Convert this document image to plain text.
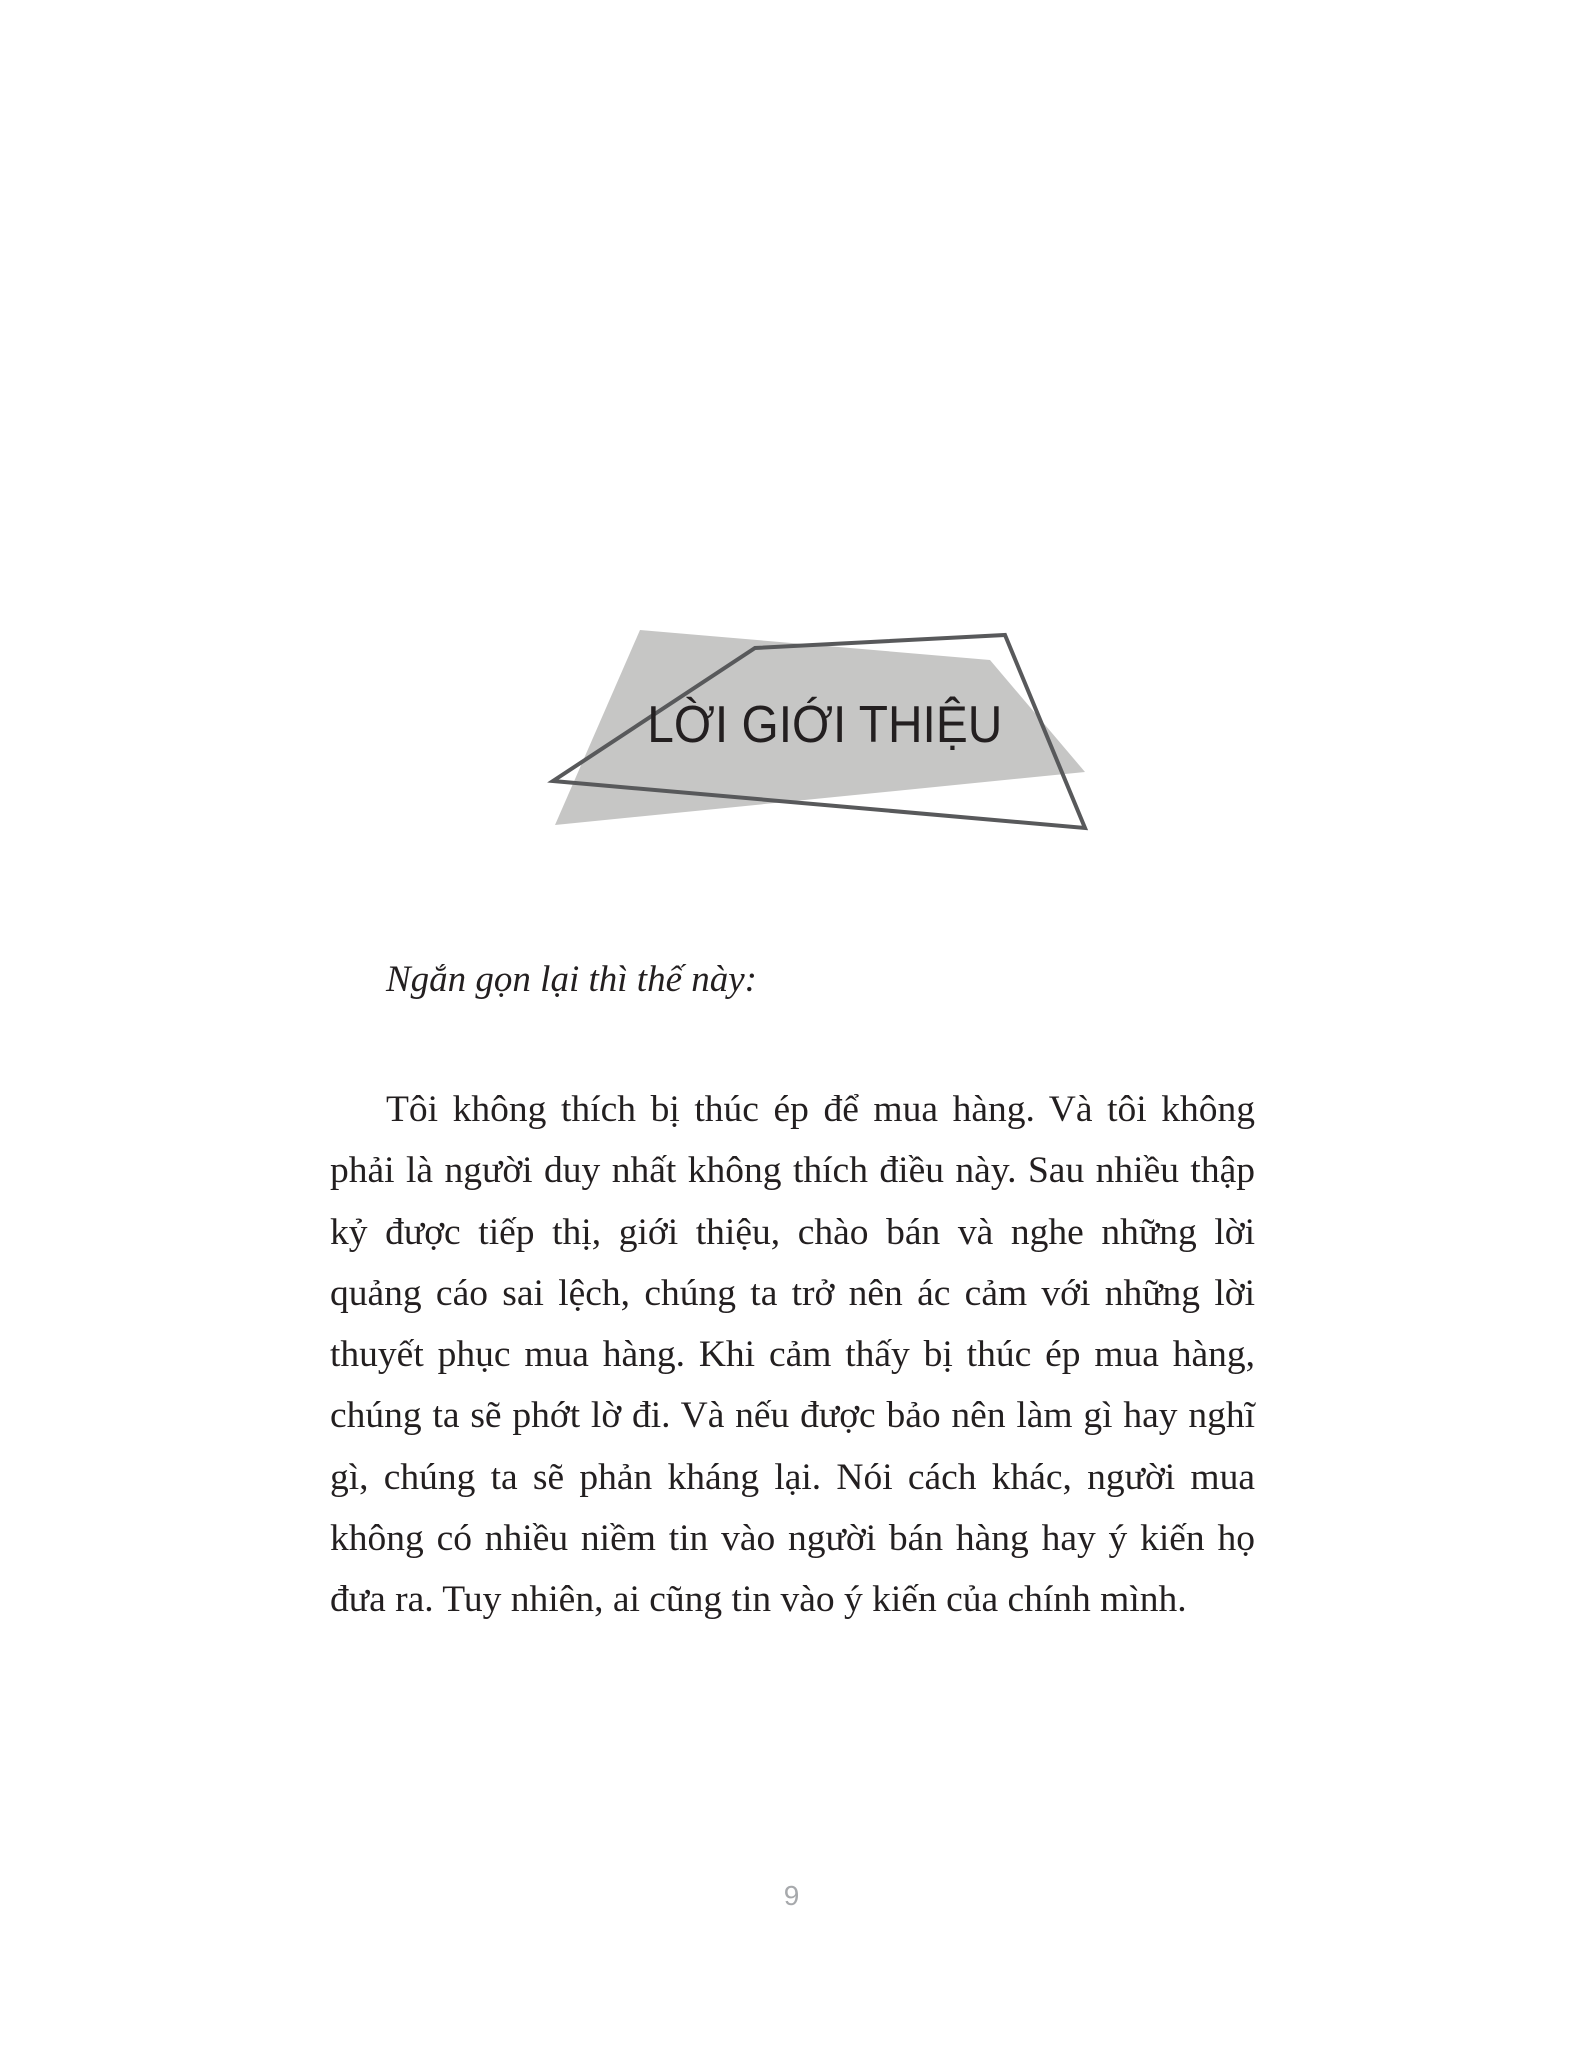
LỜI GIỚI THIỆU

Ngắn gọn lại thì thế này:

Tôi không thích bị thúc ép để mua hàng. Và tôi không phải là người duy nhất không thích điều này. Sau nhiều thập kỷ được tiếp thị, giới thiệu, chào bán và nghe những lời quảng cáo sai lệch, chúng ta trở nên ác cảm với những lời thuyết phục mua hàng. Khi cảm thấy bị thúc ép mua hàng, chúng ta sẽ phớt lờ đi. Và nếu được bảo nên làm gì hay nghĩ gì, chúng ta sẽ phản kháng lại. Nói cách khác, người mua không có nhiều niềm tin vào người bán hàng hay ý kiến họ đưa ra. Tuy nhiên, ai cũng tin vào ý kiến của chính mình.

9
